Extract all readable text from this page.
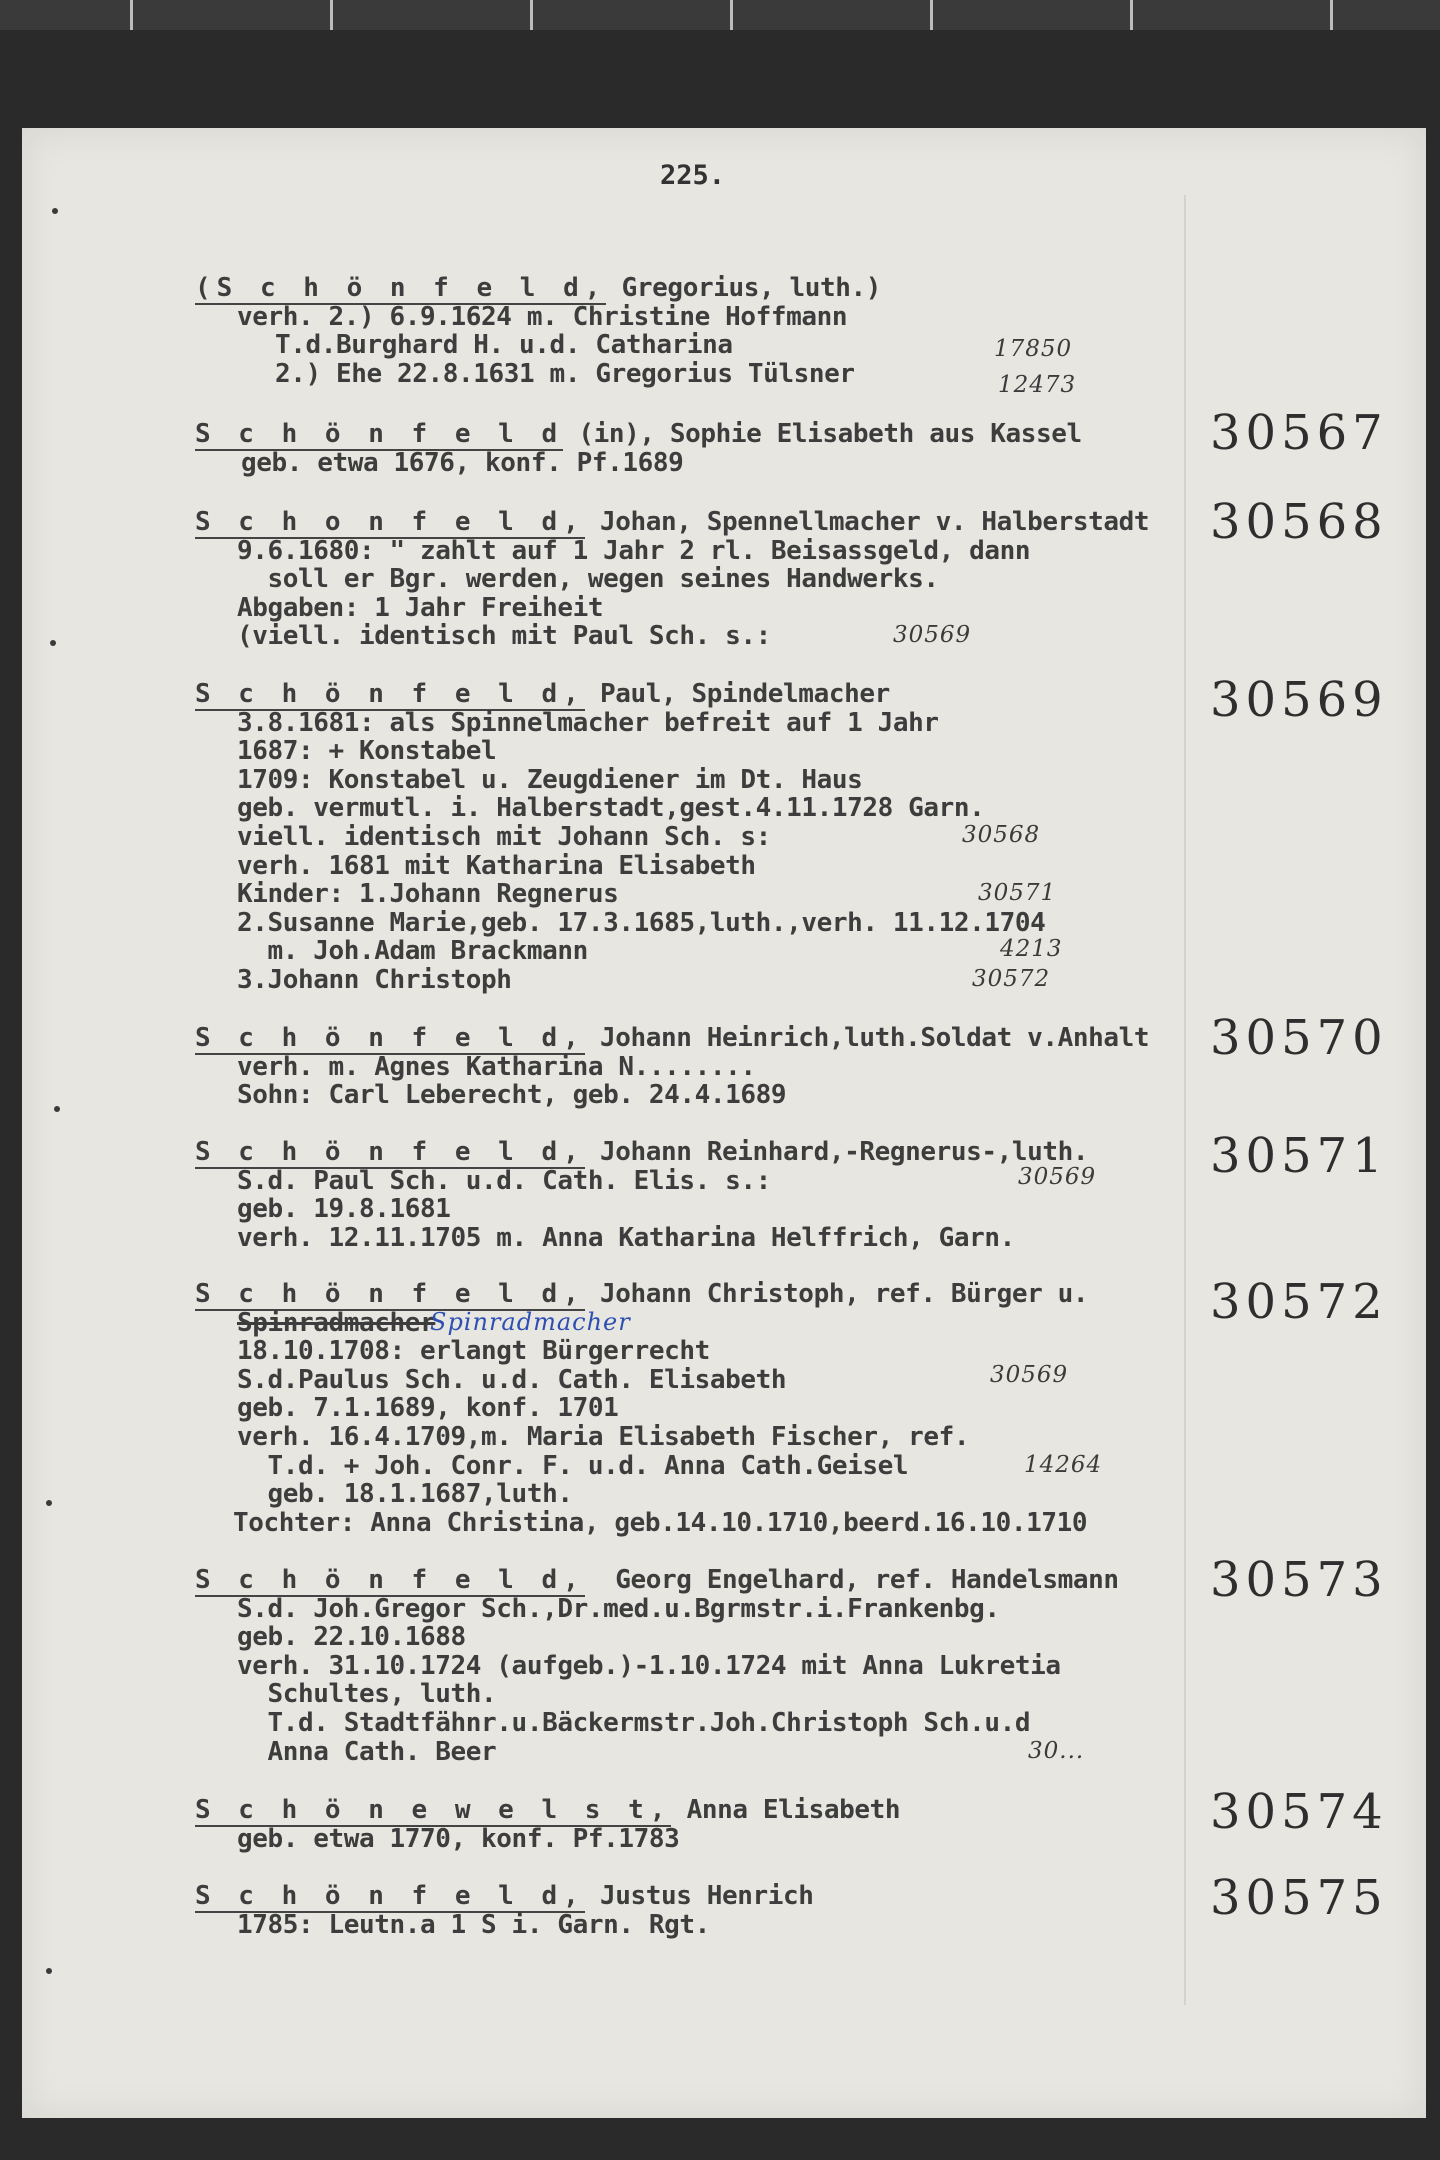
225.
(S c h ö n f e l d, Gregorius, luth.)
verh. 2.) 6.9.1624 m. Christine Hoffmann
T.d.Burghard H. u.d. Catharina
2.) Ehe 22.8.1631 m. Gregorius Tülsner
17850
12473
30567
S c h ö n f e l d (in), Sophie Elisabeth aus Kassel
geb. etwa 1676, konf. Pf.1689
30568
S c h o n f e l d, Johan, Spennellmacher v. Halberstadt
9.6.1680: " zahlt auf 1 Jahr 2 rl. Beisassgeld, dann
soll er Bgr. werden, wegen seines Handwerks.
Abgaben: 1 Jahr Freiheit
(viell. identisch mit Paul Sch. s.:	30569
30569
S c h ö n f e l d, Paul, Spindelmacher
3.8.1681: als Spinnelmacher befreit auf 1 Jahr
1687: + Konstabel
1709: Konstabel u. Zeugdiener im Dt. Haus
geb. vermutl. i. Halberstadt,gest.4.11.1728 Garn.
viell. identisch mit Johann Sch. s:
verh. 1681 mit Katharina Elisabeth
Kinder: 1.Johann Regnerus
2.Susanne Marie,geb. 17.3.1685,luth.,verh. 11.12.1704
m. Joh.Adam Brackmann
3.Johann Christoph
30568
30571
4213
30572
30570
S c h ö n f e l d, Johann Heinrich,luth.Soldat v.Anhalt
verh. m. Agnes Katharina N........
Sohn: Carl Leberecht, geb. 24.4.1689
30571
S c h ö n f e l d, Johann Reinhard,-Regnerus-,luth.
S.d. Paul Sch. u.d. Cath. Elis. s.:
geb. 19.8.1681
verh. 12.11.1705 m. Anna Katharina Helffrich, Garn.
30569
30572
S c h ö n f e l d, Johann Christoph, ref. Bürger u.
Spinradmacher
18.10.1708: erlangt Bürgerrecht
S.d.Paulus Sch. u.d. Cath. Elisabeth
geb. 7.1.1689, konf. 1701
verh. 16.4.1709,m. Maria Elisabeth Fischer, ref.
T.d. + Joh. Conr. F. u.d. Anna Cath.Geisel
geb. 18.1.1687,luth.
Tochter: Anna Christina, geb.14.10.1710,beerd.16.10.1710
Spinradmacher
30569
14264
30573
S c h ö n f e l d,  Georg Engelhard, ref. Handelsmann
S.d. Joh.Gregor Sch.,Dr.med.u.Bgrmstr.i.Frankenbg.
geb. 22.10.1688
verh. 31.10.1724 (aufgeb.)-1.10.1724 mit Anna Lukretia
Schultes, luth.
T.d. Stadtfähnr.u.Bäckermstr.Joh.Christoph Sch.u.d
Anna Cath. Beer	30...
30574
S c h ö n e w e l s t, Anna Elisabeth
geb. etwa 1770, konf. Pf.1783
30575
S c h ö n f e l d, Justus Henrich
1785: Leutn.a 1 S i. Garn. Rgt.
